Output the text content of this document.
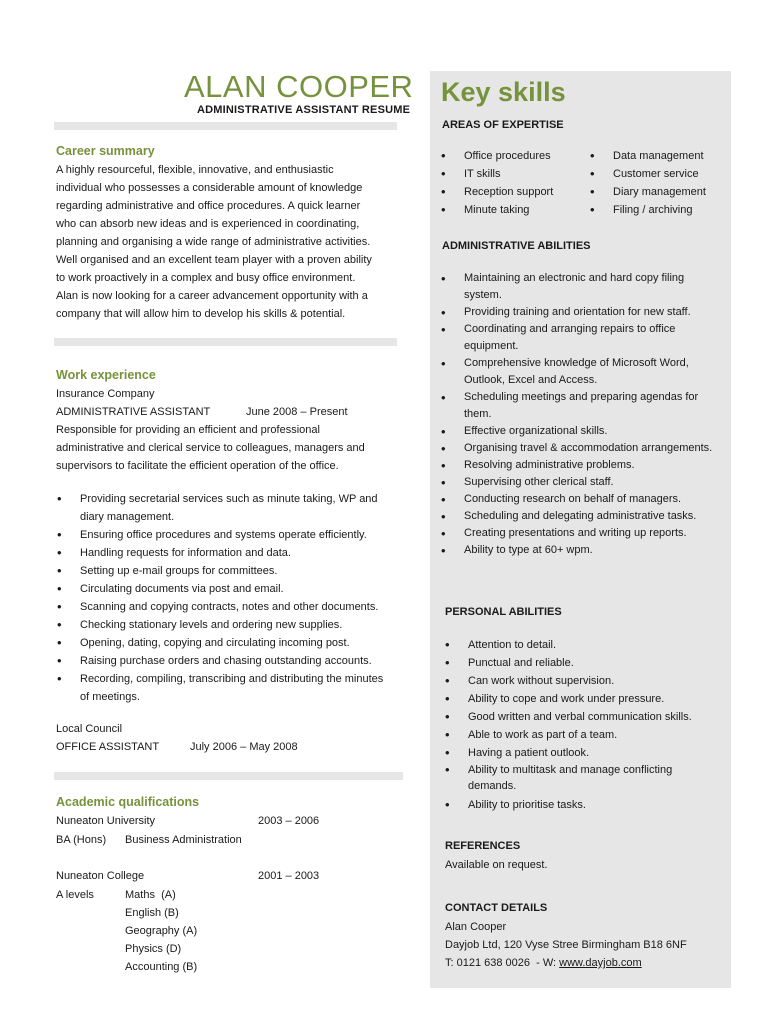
ALAN COOPER
ADMINISTRATIVE ASSISTANT RESUME
Career summary
A highly resourceful, flexible, innovative, and enthusiastic
individual who possesses a considerable amount of knowledge
regarding administrative and office procedures. A quick learner
who can absorb new ideas and is experienced in coordinating,
planning and organising a wide range of administrative activities.
Well organised and an excellent team player with a proven ability
to work proactively in a complex and busy office environment.
Alan is now looking for a career advancement opportunity with a
company that will allow him to develop his skills & potential.
Work experience
Insurance Company
ADMINISTRATIVE ASSISTANT	June 2008 – Present
Responsible for providing an efficient and professional
administrative and clerical service to colleagues, managers and
supervisors to facilitate the efficient operation of the office.
• Providing secretarial services such as minute taking, WP and diary management.
• Ensuring office procedures and systems operate efficiently.
• Handling requests for information and data.
• Setting up e-mail groups for committees.
• Circulating documents via post and email.
• Scanning and copying contracts, notes and other documents.
• Checking stationary levels and ordering new supplies.
• Opening, dating, copying and circulating incoming post.
• Raising purchase orders and chasing outstanding accounts.
• Recording, compiling, transcribing and distributing the minutes of meetings.
Local Council
OFFICE ASSISTANT	July 2006 – May 2008
Academic qualifications
Nuneaton University	2003 – 2006
BA (Hons) Business Administration
Nuneaton College	2001 – 2003
A levels	Maths  (A)
English (B)
Geography (A)
Physics (D)
Accounting (B)
Key skills
AREAS OF EXPERTISE
• Office procedures
• IT skills
• Reception support
• Minute taking
• Data management
• Customer service
• Diary management
• Filing / archiving
ADMINISTRATIVE ABILITIES
• Maintaining an electronic and hard copy filing system.
• Providing training and orientation for new staff.
• Coordinating and arranging repairs to office equipment.
• Comprehensive knowledge of Microsoft Word, Outlook, Excel and Access.
• Scheduling meetings and preparing agendas for them.
• Effective organizational skills.
• Organising travel & accommodation arrangements.
• Resolving administrative problems.
• Supervising other clerical staff.
• Conducting research on behalf of managers.
• Scheduling and delegating administrative tasks.
• Creating presentations and writing up reports.
• Ability to type at 60+ wpm.
PERSONAL ABILITIES
• Attention to detail.
• Punctual and reliable.
• Can work without supervision.
• Ability to cope and work under pressure.
• Good written and verbal communication skills.
• Able to work as part of a team.
• Having a patient outlook.
• Ability to multitask and manage conflicting demands.
• Ability to prioritise tasks.
REFERENCES
Available on request.
CONTACT DETAILS
Alan Cooper
Dayjob Ltd, 120 Vyse Stree Birmingham B18 6NF
T: 0121 638 0026  - W: www.dayjob.com
